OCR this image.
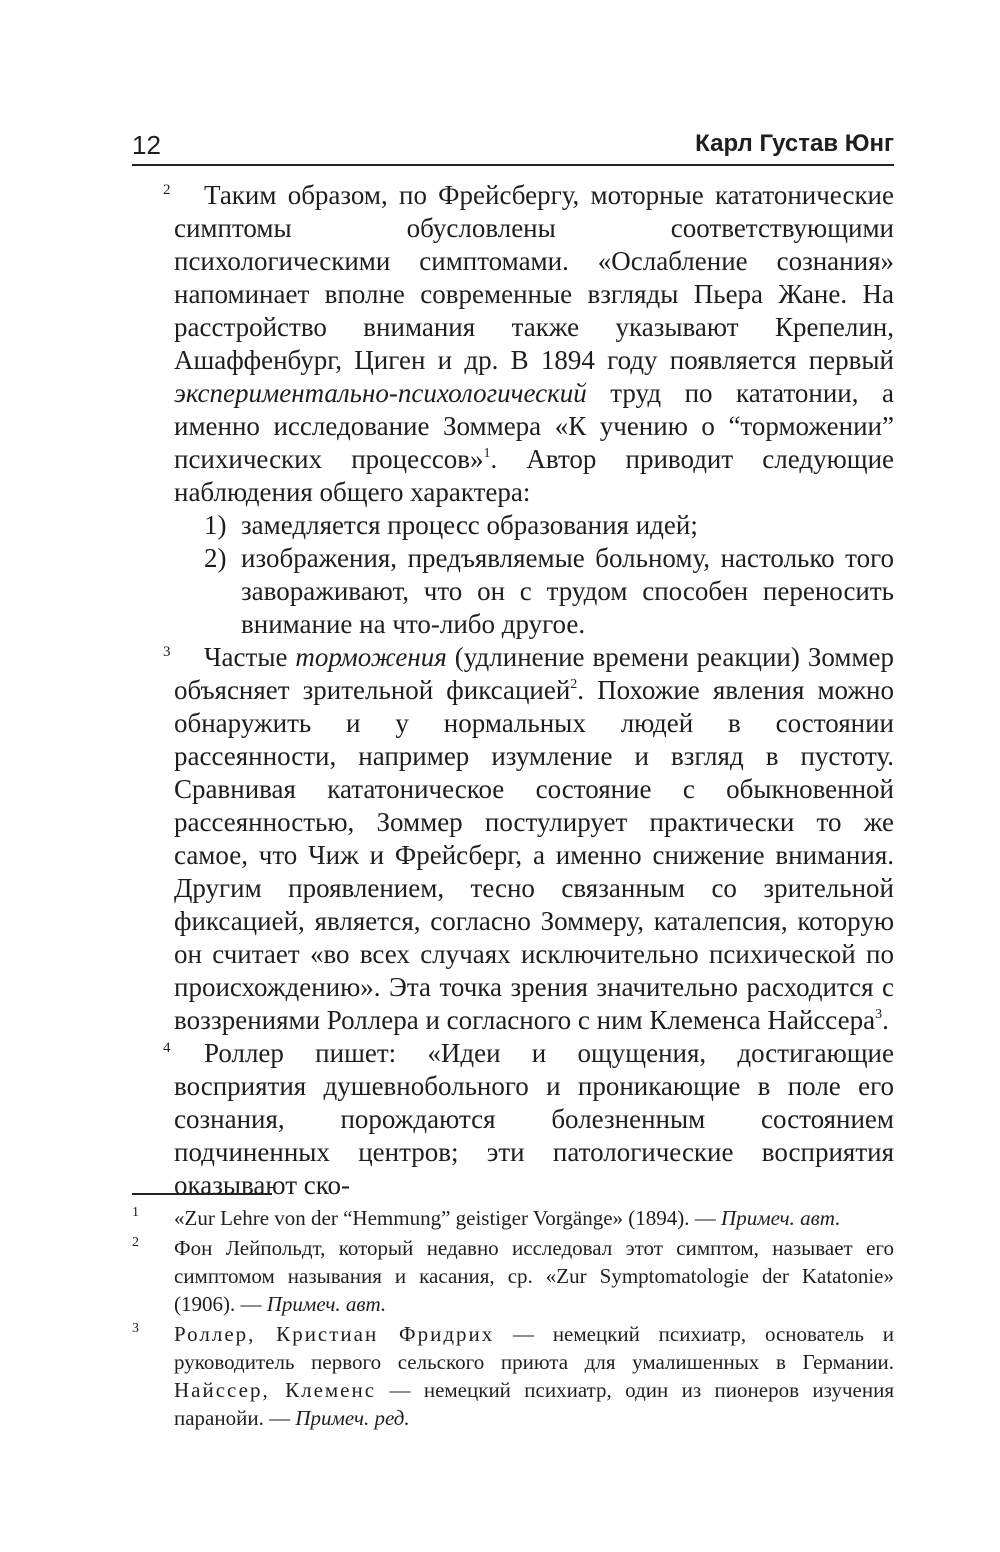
12	Карл Густав Юнг
2 Таким образом, по Фрейсбергу, моторные кататонические симптомы обусловлены соответствующими психологическими симптомами. «Ослабление сознания» напоминает вполне современные взгляды Пьера Жане. На расстройство внимания также указывают Крепелин, Ашаффенбург, Циген и др. В 1894 году появляется первый экспериментально-психологический труд по кататонии, а именно исследование Зоммера «К учению о “торможении” психических процессов»$^1$. Автор приводит следующие наблюдения общего характера:
1) замедляется процесс образования идей;
2) изображения, предъявляемые больному, настолько того завораживают, что он с трудом способен переносить внимание на что-либо другое.
3 Частые торможения (удлинение времени реакции) Зоммер объясняет зрительной фиксацией$^2$. Похожие явления можно обнаружить и у нормальных людей в состоянии рассеянности, например изумление и взгляд в пустоту. Сравнивая кататоническое состояние с обыкновенной рассеянностью, Зоммер постулирует практически то же самое, что Чиж и Фрейсберг, а именно снижение внимания. Другим проявлением, тесно связанным со зрительной фиксацией, является, согласно Зоммеру, каталепсия, которую он считает «во всех случаях исключительно психической по происхождению». Эта точка зрения значительно расходится с воззрениями Роллера и согласного с ним Клеменса Найссера$^3$.
4 Роллер пишет: «Идеи и ощущения, достигающие восприятия душевнобольного и проникающие в поле его сознания, порождаются болезненным состоянием подчиненных центров; эти патологические восприятия оказывают ско-
1 «Zur Lehre von der “Hemmung” geistiger Vorgänge» (1894). — Примеч. авт.
2 Фон Лейпольдт, который недавно исследовал этот симптом, называет его симптомом называния и касания, ср. «Zur Symptomatologie der Katatonie» (1906). — Примеч. авт.
3 Роллер, Кристиан Фридрих — немецкий психиатр, основатель и руководитель первого сельского приюта для умалишенных в Германии. Найссер, Клеменс — немецкий психиатр, один из пионеров изучения паранойи. — Примеч. ред.
